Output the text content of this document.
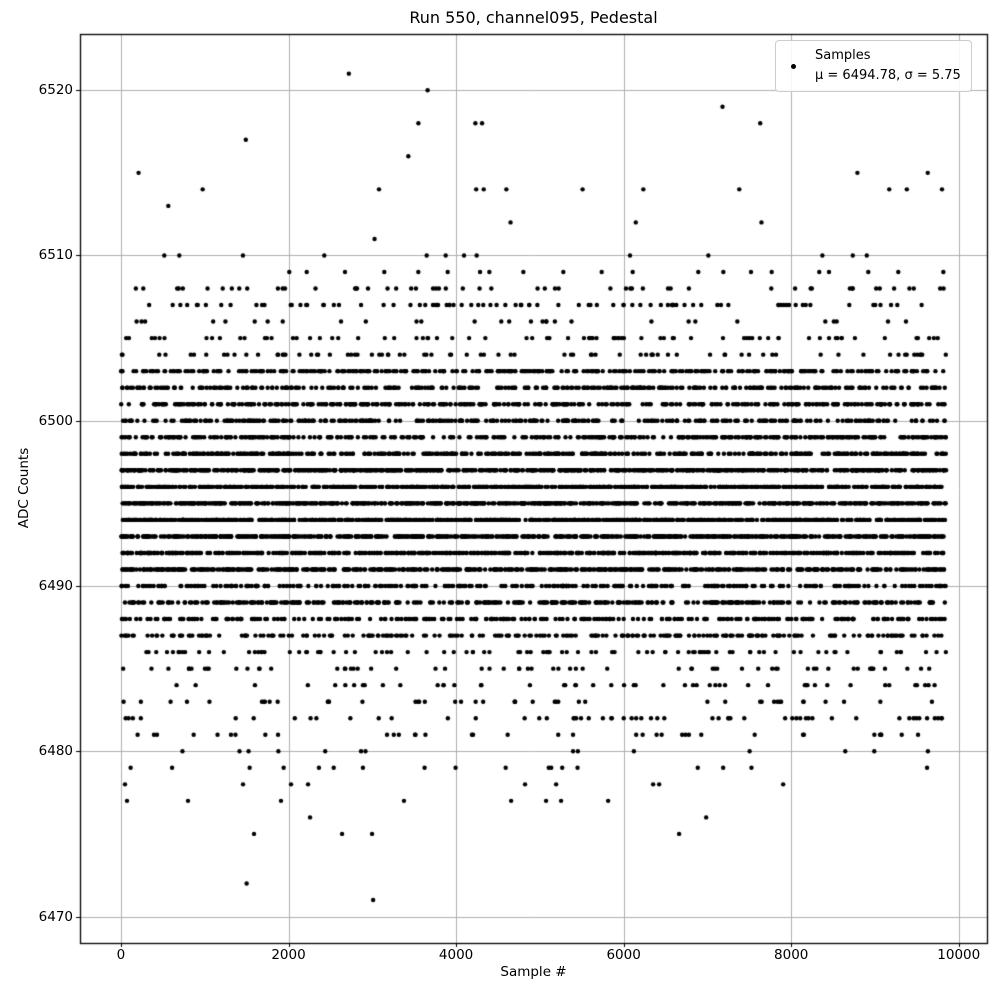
Run 550, channel095, Pedestal
Sample #
ADC Counts
0	2000	4000	6000	8000	10000
6470
6480
6490
6500
6510
6520
Samples
μ = 6494.78, σ = 5.75
